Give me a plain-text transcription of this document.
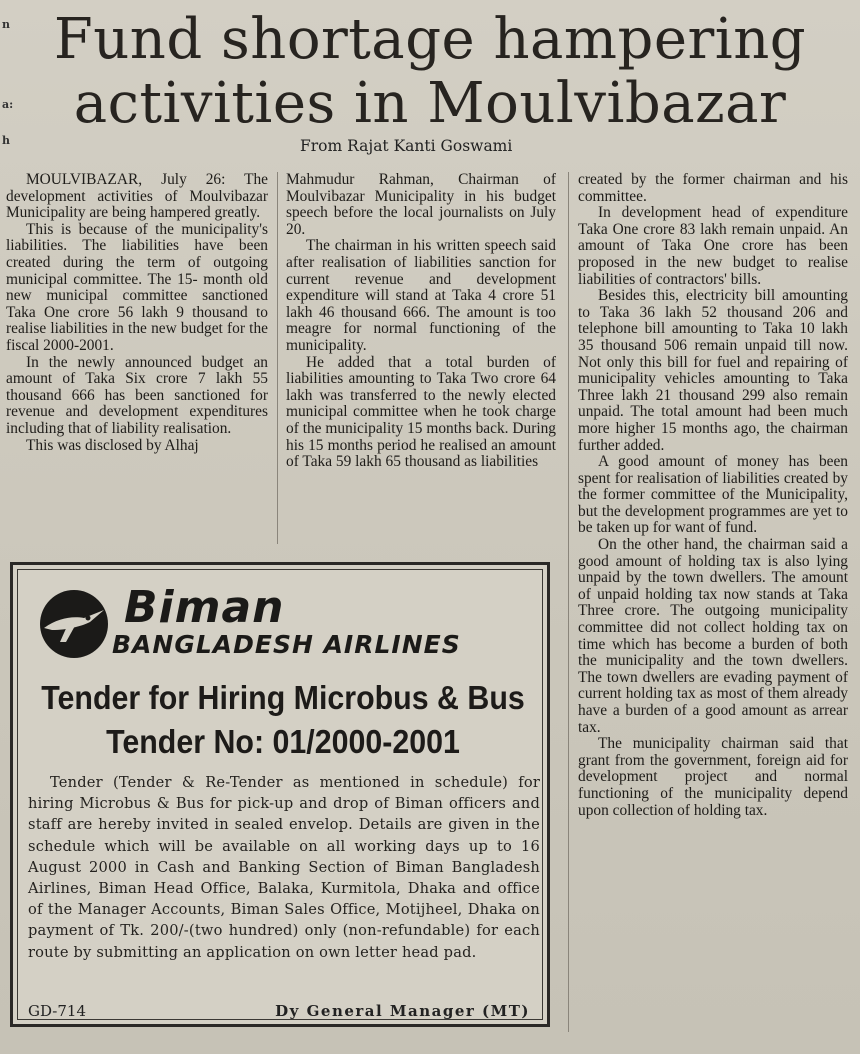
n
a:
h
Fund shortage hampering
activities in Moulvibazar
From Rajat Kanti Goswami

MOULVIBAZAR, July 26: The development activities of Moulvibazar Municipality are being hampered greatly.

This is because of the municipality's liabilities. The liabilities have been created during the term of outgoing municipal committee. The 15- month old new municipal committee sanctioned Taka One crore 56 lakh 9 thousand to realise liabilities in the new budget for the fiscal 2000-2001.

In the newly announced budget an amount of Taka Six crore 7 lakh 55 thousand 666 has been sanctioned for revenue and development expenditures including that of liability realisation.

This was disclosed by Alhaj

Mahmudur Rahman, Chairman of Moulvibazar Municipality in his budget speech before the local journalists on July 20.

The chairman in his written speech said after realisation of liabilities sanction for current revenue and development expenditure will stand at Taka 4 crore 51 lakh 46 thousand 666. The amount is too meagre for normal functioning of the municipality.

He added that a total burden of liabilities amounting to Taka Two crore 64 lakh was transferred to the newly elected municipal committee when he took charge of the municipality 15 months back. During his 15 months period he realised an amount of Taka 59 lakh 65 thousand as liabilities

created by the former chairman and his committee.

In development head of expenditure Taka One crore 83 lakh remain unpaid. An amount of Taka One crore has been proposed in the new budget to realise liabilities of contractors' bills.

Besides this, electricity bill amounting to Taka 36 lakh 52 thousand 206 and telephone bill amounting to Taka 10 lakh 35 thousand 506 remain unpaid till now. Not only this bill for fuel and repairing of municipality vehicles amounting to Taka Three lakh 21 thousand 299 also remain unpaid. The total amount had been much more higher 15 months ago, the chairman further added.

A good amount of money has been spent for realisation of liabilities created by the former committee of the Municipality, but the development programmes are yet to be taken up for want of fund.

On the other hand, the chairman said a good amount of holding tax is also lying unpaid by the town dwellers. The amount of unpaid holding tax now stands at Taka Three crore. The outgoing municipality committee did not collect holding tax on time which has become a burden of both the municipality and the town dwellers. The town dwellers are evading payment of current holding tax as most of them already have a burden of a good amount as arrear tax.

The municipality chairman said that grant from the government, foreign aid for development project and normal functioning of the municipality depend upon collection of holding tax.

Biman
BANGLADESH AIRLINES
Tender for Hiring Microbus & Bus
Tender No: 01/2000-2001
Tender (Tender & Re-Tender as mentioned in schedule) for hiring Microbus & Bus for pick-up and drop of Biman officers and staff are hereby invited in sealed envelop. Details are given in the schedule which will be available on all working days up to 16 August 2000 in Cash and Banking Section of Biman Bangladesh Airlines, Biman Head Office, Balaka, Kurmitola, Dhaka and office of the Manager Accounts, Biman Sales Office, Motijheel, Dhaka on payment of Tk. 200/-(two hundred) only (non-refundable) for each route by submitting an application on own letter head pad.
GD-714	Dy General Manager (MT)
